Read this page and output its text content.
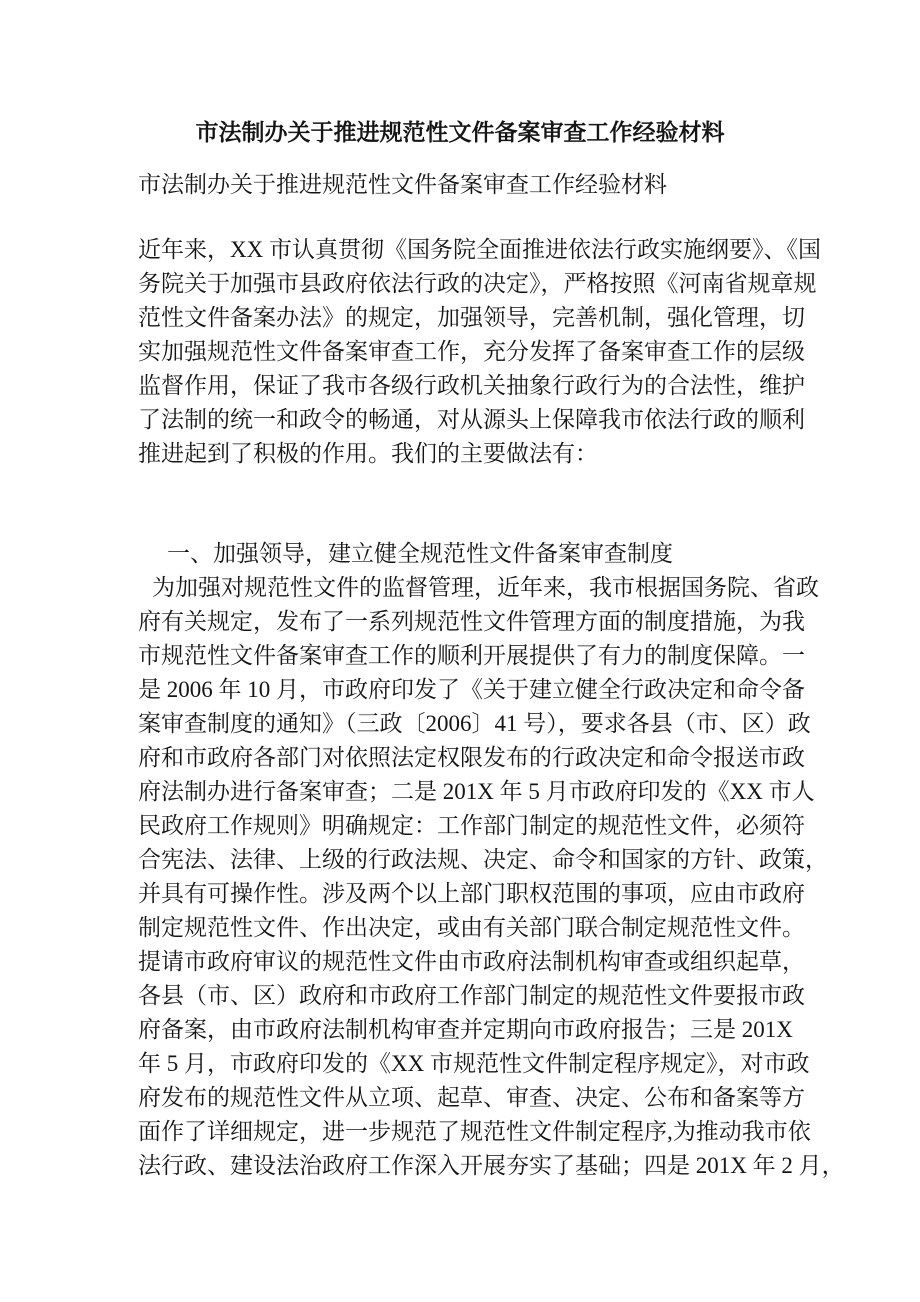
市法制办关于推进规范性文件备案审查工作经验材料

市法制办关于推进规范性文件备案审查工作经验材料

近年来，XX 市认真贯彻《国务院全面推进依法行政实施纲要》、《国
务院关于加强市县政府依法行政的决定》，严格按照《河南省规章规
范性文件备案办法》的规定，加强领导，完善机制，强化管理，切
实加强规范性文件备案审查工作，充分发挥了备案审查工作的层级
监督作用，保证了我市各级行政机关抽象行政行为的合法性，维护
了法制的统一和政令的畅通，对从源头上保障我市依法行政的顺利
推进起到了积极的作用。我们的主要做法有：

一、加强领导，建立健全规范性文件备案审查制度

为加强对规范性文件的监督管理，近年来，我市根据国务院、省政
府有关规定，发布了一系列规范性文件管理方面的制度措施，为我
市规范性文件备案审查工作的顺利开展提供了有力的制度保障。一
是 2006 年 10 月，市政府印发了《关于建立健全行政决定和命令备
案审查制度的通知》（三政〔2006〕41 号），要求各县（市、区）政
府和市政府各部门对依照法定权限发布的行政决定和命令报送市政
府法制办进行备案审查；二是 201X 年 5 月市政府印发的《XX 市人
民政府工作规则》明确规定：工作部门制定的规范性文件，必须符
合宪法、法律、上级的行政法规、决定、命令和国家的方针、政策，
并具有可操作性。涉及两个以上部门职权范围的事项，应由市政府
制定规范性文件、作出决定，或由有关部门联合制定规范性文件。
提请市政府审议的规范性文件由市政府法制机构审查或组织起草，
各县（市、区）政府和市政府工作部门制定的规范性文件要报市政
府备案，由市政府法制机构审查并定期向市政府报告；三是 201X
年 5 月，市政府印发的《XX 市规范性文件制定程序规定》，对市政
府发布的规范性文件从立项、起草、审查、决定、公布和备案等方
面作了详细规定，进一步规范了规范性文件制定程序,为推动我市依
法行政、建设法治政府工作深入开展夯实了基础；四是 201X 年 2 月，
